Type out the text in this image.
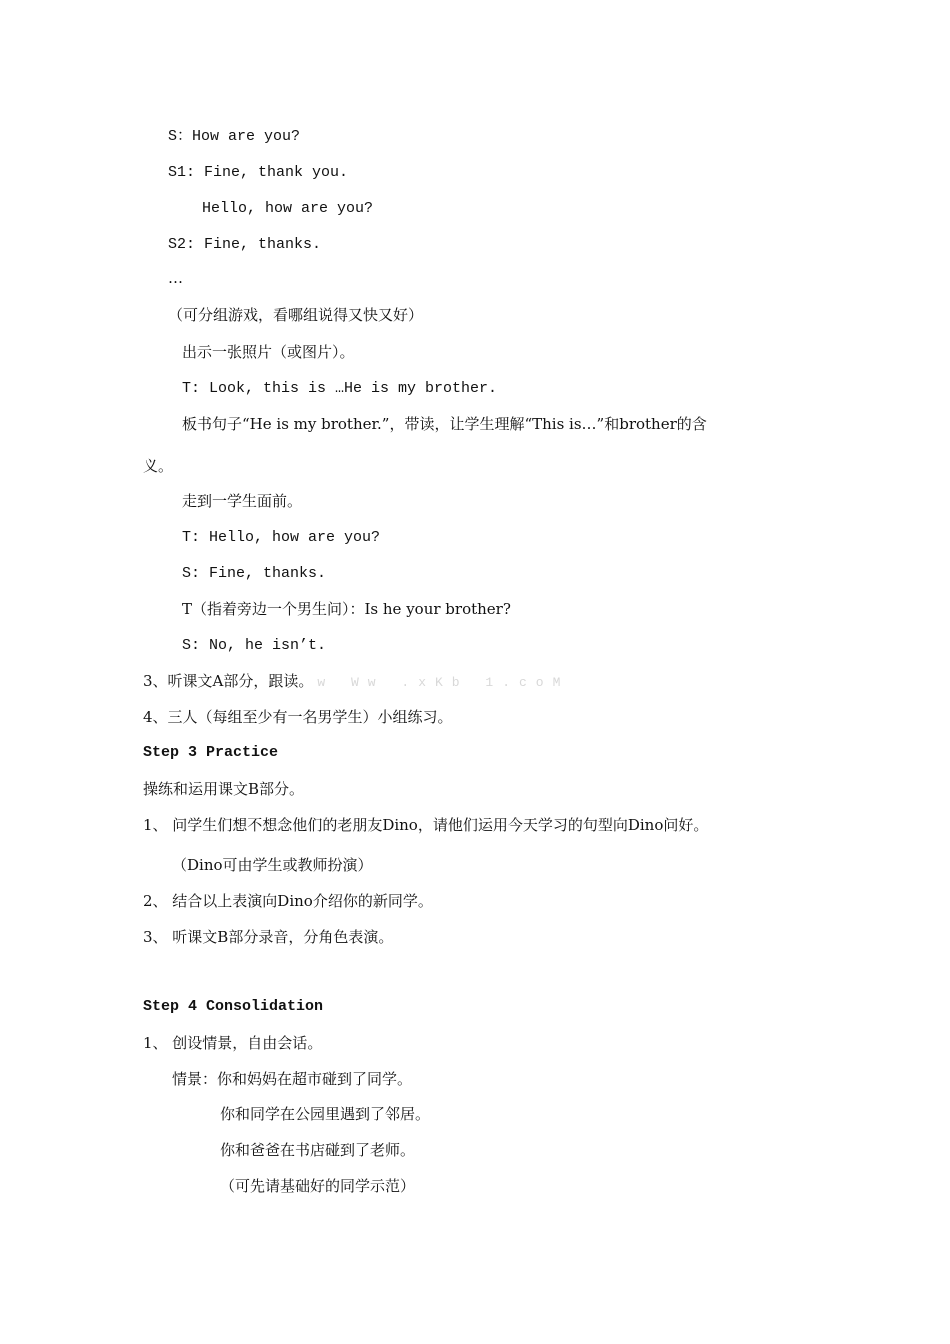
S：How are you?
S1: Fine, thank you.
Hello, how are you?
S2: Fine, thanks.
…
（可分组游戏，看哪组说得又快又好）
出示一张照片（或图片）。
T: Look, this is …He is my brother.
板书句子“He is my brother.”，带读，让学生理解“This is…”和brother的含
义。
走到一学生面前。
T: Hello, how are you?
S: Fine, thanks.
T（指着旁边一个男生问）：Is he your brother?
S: No, he isn’t.
3、听课文A部分，跟读。 w Ww .xKb 1.coM
4、三人（每组至少有一名男学生）小组练习。
Step 3 Practice
操练和运用课文B部分。
1、 问学生们想不想念他们的老朋友Dino，请他们运用今天学习的句型向Dino问好。
（Dino可由学生或教师扮演）
2、 结合以上表演向Dino介绍你的新同学。
3、 听课文B部分录音，分角色表演。
Step 4 Consolidation
1、 创设情景，自由会话。
情景：你和妈妈在超市碰到了同学。
你和同学在公园里遇到了邻居。
你和爸爸在书店碰到了老师。
（可先请基础好的同学示范）
